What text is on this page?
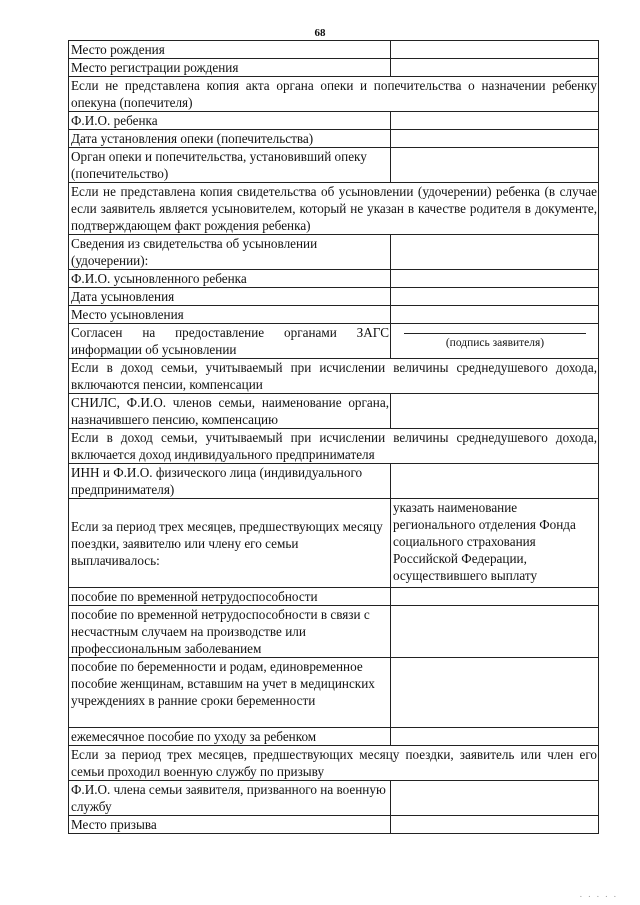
68
Место рождения	
Место регистрации рождения	
Если не представлена копия акта органа опеки и попечительства о назначении ребенку опекуна (попечителя)	
Ф.И.О. ребенка	
Дата установления опеки (попечительства)	
Орган опеки и попечительства, установивший опеку (попечительство)	
Если не представлена копия свидетельства об усыновлении (удочерении) ребенка (в случае если заявитель является усыновителем, который не указан в качестве родителя в документе, подтверждающем факт рождения ребенка)	
Сведения из свидетельства об усыновлении (удочерении):	
Ф.И.О. усыновленного ребенка	
Дата усыновления	
Место усыновления	
Согласен на предоставление органами ЗАГС информации об усыновлении	(подпись заявителя)

Если в доход семьи, учитываемый при исчислении величины среднедушевого дохода, включаются пенсии, компенсации	
СНИЛС, Ф.И.О. членов семьи, наименование органа, назначившего пенсию, компенсацию	
Если в доход семьи, учитываемый при исчислении величины среднедушевого дохода, включается доход индивидуального предпринимателя	
ИНН и Ф.И.О. физического лица (индивидуального предпринимателя)	
Если за период трех месяцев, предшествующих месяцу поездки, заявителю или члену его семьи выплачивалось:	указать наименование регионального отделения Фонда социального страхования Российской Федерации, осуществившего выплату
пособие по временной нетрудоспособности	
пособие по временной нетрудоспособности в связи с несчастным случаем на производстве или профессиональным заболеванием	
пособие по беременности и родам, единовременное пособие женщинам, вставшим на учет в медицинских учреждениях в ранние сроки беременности	
ежемесячное пособие по уходу за ребенком	
Если за период трех месяцев, предшествующих месяцу поездки, заявитель или член его семьи проходил военную службу по призыву	
Ф.И.О. члена семьи заявителя, призванного на военную службу	
Место призыва	
. . . . .
